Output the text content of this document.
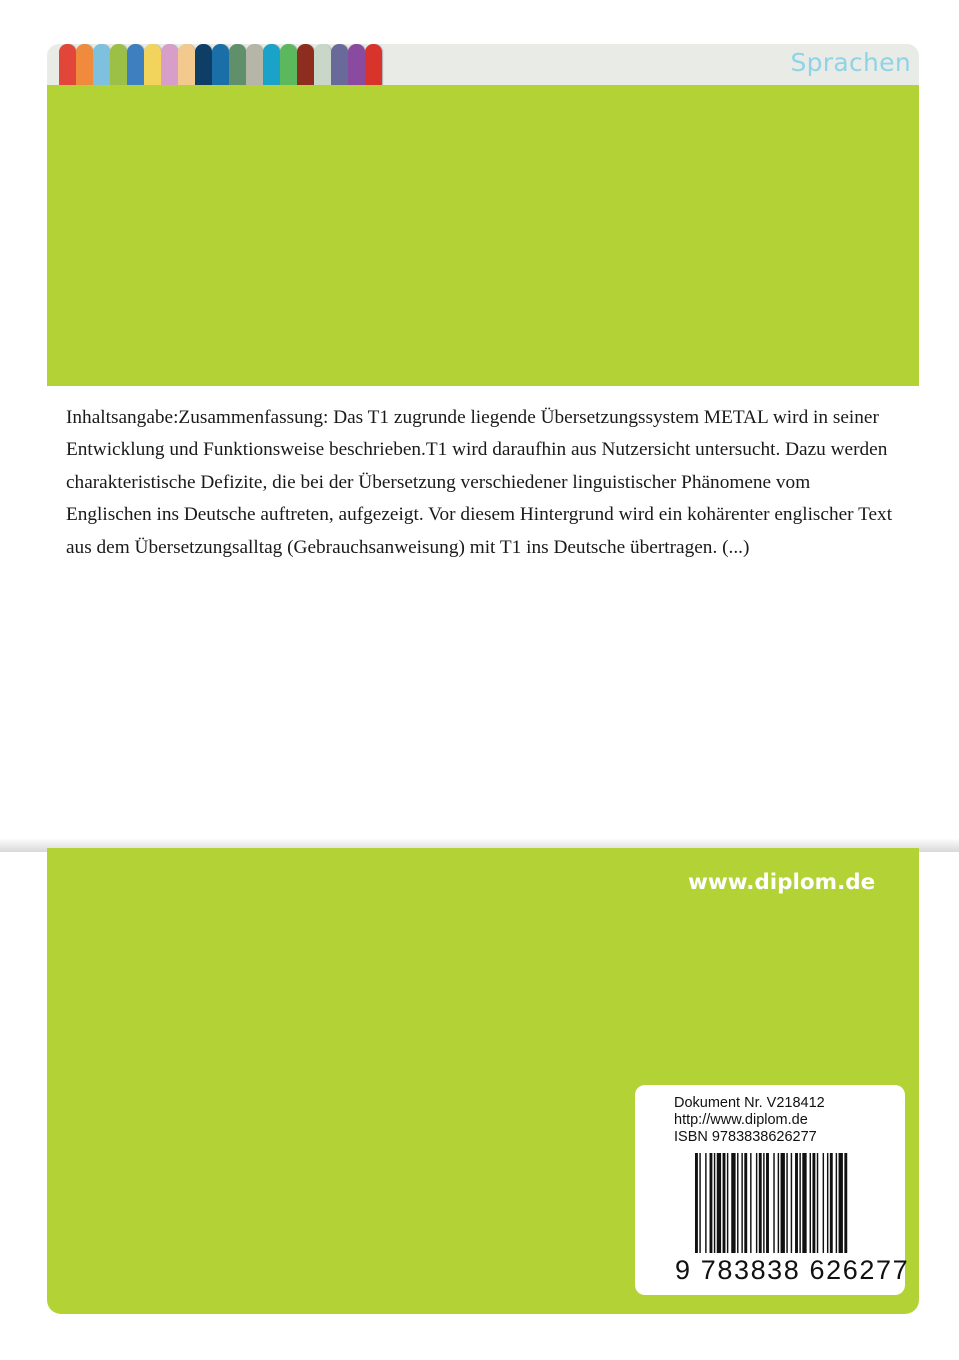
Sprachen
Inhaltsangabe:Zusammenfassung: Das T1 zugrunde liegende Übersetzungssystem METAL wird in seiner Entwicklung und Funktionsweise beschrieben.T1 wird daraufhin aus Nutzersicht untersucht. Dazu werden charakteristische Defizite, die bei der Übersetzung verschiedener linguistischer Phänomene vom Englischen ins Deutsche auftreten, aufgezeigt. Vor diesem Hintergrund wird ein kohärenter englischer Text aus dem Übersetzungsalltag (Gebrauchsanweisung) mit T1 ins Deutsche übertragen. (...)
www.diplom.de
Dokument Nr. V218412
http://www.diplom.de
ISBN 9783838626277
9 783838 626277
